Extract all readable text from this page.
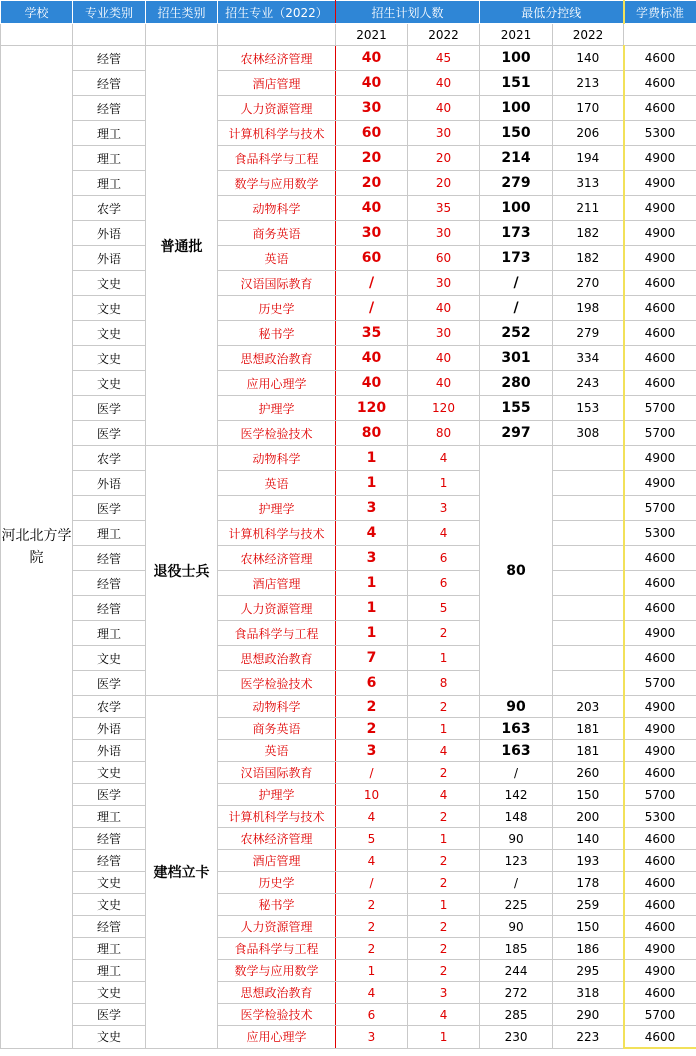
学校	专业类别	招生类别	招生专业（2022）	招生计划人数		最低分控线		学费标准
				2021	2022	2021	2022	
河北北方学院	经管	普通批	农林经济管理	40	45	100	140	4600
	经管		酒店管理	40	40	151	213	4600
	经管		人力资源管理	30	40	100	170	4600
	理工		计算机科学与技术	60	30	150	206	5300
	理工		食品科学与工程	20	20	214	194	4900
	理工		数学与应用数学	20	20	279	313	4900
	农学		动物科学	40	35	100	211	4900
	外语		商务英语	30	30	173	182	4900
	外语		英语	60	60	173	182	4900
	文史		汉语国际教育	/	30	/	270	4600
	文史		历史学	/	40	/	198	4600
	文史		秘书学	35	30	252	279	4600
	文史		思想政治教育	40	40	301	334	4600
	文史		应用心理学	40	40	280	243	4600
	医学		护理学	120	120	155	153	5700
	医学		医学检验技术	80	80	297	308	5700
	农学	退役士兵	动物科学	1	4	80		4900
	外语		英语	1	1			4900
	医学		护理学	3	3			5700
	理工		计算机科学与技术	4	4			5300
	经管		农林经济管理	3	6			4600
	经管		酒店管理	1	6			4600
	经管		人力资源管理	1	5			4600
	理工		食品科学与工程	1	2			4900
	文史		思想政治教育	7	1			4600
	医学		医学检验技术	6	8			5700
	农学	建档立卡	动物科学	2	2	90	203	4900
	外语		商务英语	2	1	163	181	4900
	外语		英语	3	4	163	181	4900
	文史		汉语国际教育	/	2	/	260	4600
	医学		护理学	10	4	142	150	5700
	理工		计算机科学与技术	4	2	148	200	5300
	经管		农林经济管理	5	1	90	140	4600
	经管		酒店管理	4	2	123	193	4600
	文史		历史学	/	2	/	178	4600
	文史		秘书学	2	1	225	259	4600
	经管		人力资源管理	2	2	90	150	4600
	理工		食品科学与工程	2	2	185	186	4900
	理工		数学与应用数学	1	2	244	295	4900
	文史		思想政治教育	4	3	272	318	4600
	医学		医学检验技术	6	4	285	290	5700
	文史		应用心理学	3	1	230	223	4600
